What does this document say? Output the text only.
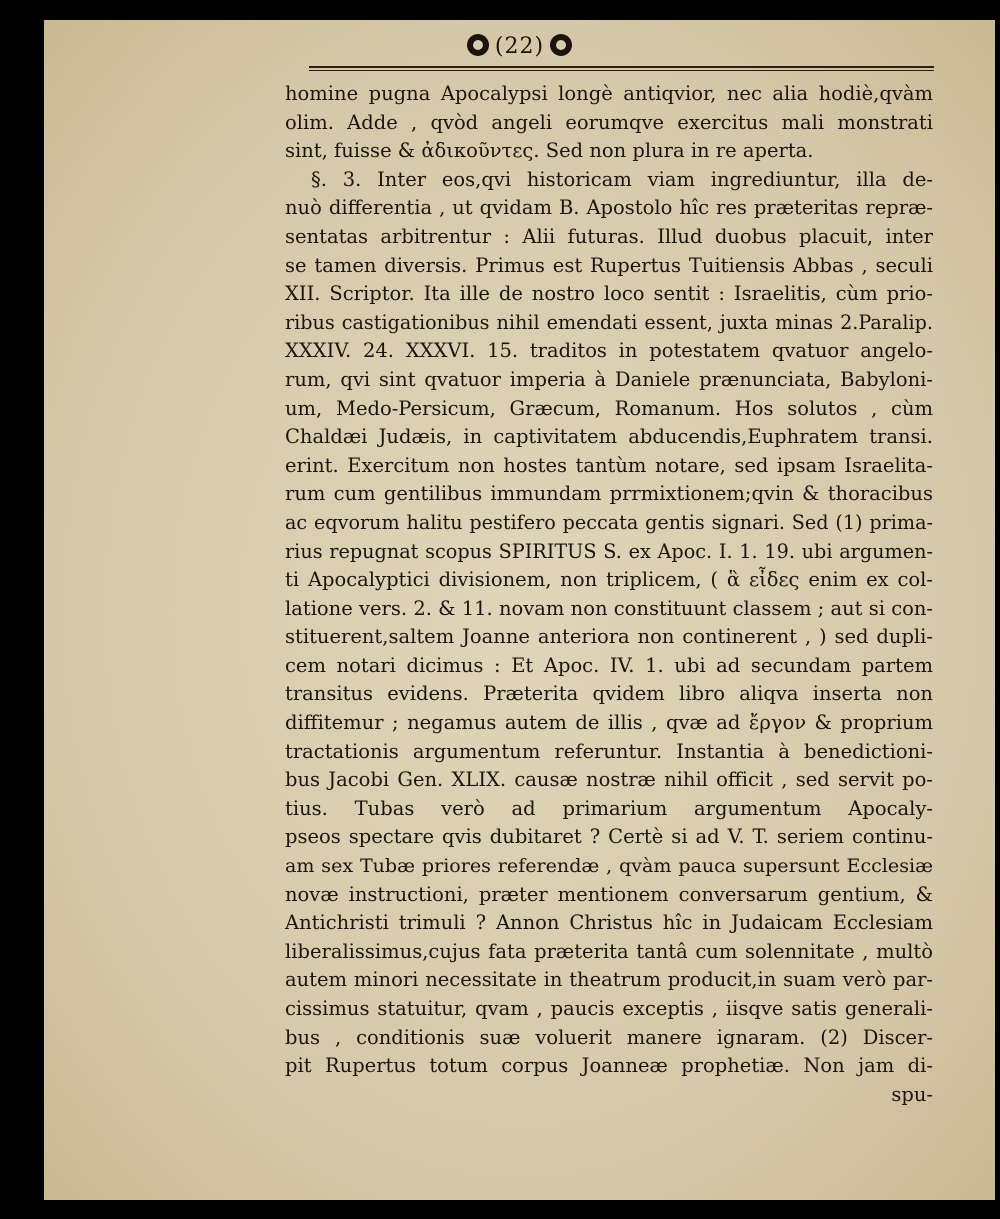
(22)
homine pugna Apocalypsi longè antiqvior, nec alia hodiè,qvàm
olim. Adde , qvòd angeli eorumqve exercitus mali monstrati
sint, fuisse & ἀδικοῦντες. Sed non plura in re aperta.
§. 3. Inter eos,qvi historicam viam ingrediuntur, illa de-
nuò differentia , ut qvidam B. Apostolo hîc res præteritas repræ-
sentatas arbitrentur : Alii futuras. Illud duobus placuit, inter
se tamen diversis. Primus est Rupertus Tuitiensis Abbas , seculi
XII. Scriptor. Ita ille de nostro loco sentit : Israelitis, cùm prio-
ribus castigationibus nihil emendati essent, juxta minas 2.Paralip.
XXXIV. 24. XXXVI. 15. traditos in potestatem qvatuor angelo-
rum, qvi sint qvatuor imperia à Daniele prænunciata, Babyloni-
um, Medo-Persicum, Græcum, Romanum. Hos solutos , cùm
Chaldæi Judæis, in captivitatem abducendis,Euphratem transi.
erint. Exercitum non hostes tantùm notare, sed ipsam Israelita-
rum cum gentilibus immundam prrmixtionem;qvin & thoracibus
ac eqvorum halitu pestifero peccata gentis signari. Sed (1) prima-
rius repugnat scopus SPIRITUS S. ex Apoc. I. 1. 19. ubi argumen-
ti Apocalyptici divisionem, non triplicem, ( ἃ εἶδες enim ex col-
latione vers. 2. & 11. novam non constituunt classem ; aut si con-
stituerent,saltem Joanne anteriora non continerent , ) sed dupli-
cem notari dicimus : Et Apoc. IV. 1. ubi ad secundam partem
transitus evidens. Præterita qvidem libro aliqva inserta non
diffitemur ; negamus autem de illis , qvæ ad ἔργον & proprium
tractationis argumentum referuntur. Instantia à benedictioni-
bus Jacobi Gen. XLIX. causæ nostræ nihil officit , sed servit po-
tius. Tubas verò ad primarium argumentum Apocaly-
pseos spectare qvis dubitaret ? Certè si ad V. T. seriem continu-
am sex Tubæ priores referendæ , qvàm pauca supersunt Ecclesiæ
novæ instructioni, præter mentionem conversarum gentium, &
Antichristi trimuli ? Annon Christus hîc in Judaicam Ecclesiam
liberalissimus,cujus fata præterita tantâ cum solennitate , multò
autem minori necessitate in theatrum producit,in suam verò par-
cissimus statuitur, qvam , paucis exceptis , iisqve satis generali-
bus , conditionis suæ voluerit manere ignaram. (2) Discer-
pit Rupertus totum corpus Joanneæ prophetiæ. Non jam di-
spu-
